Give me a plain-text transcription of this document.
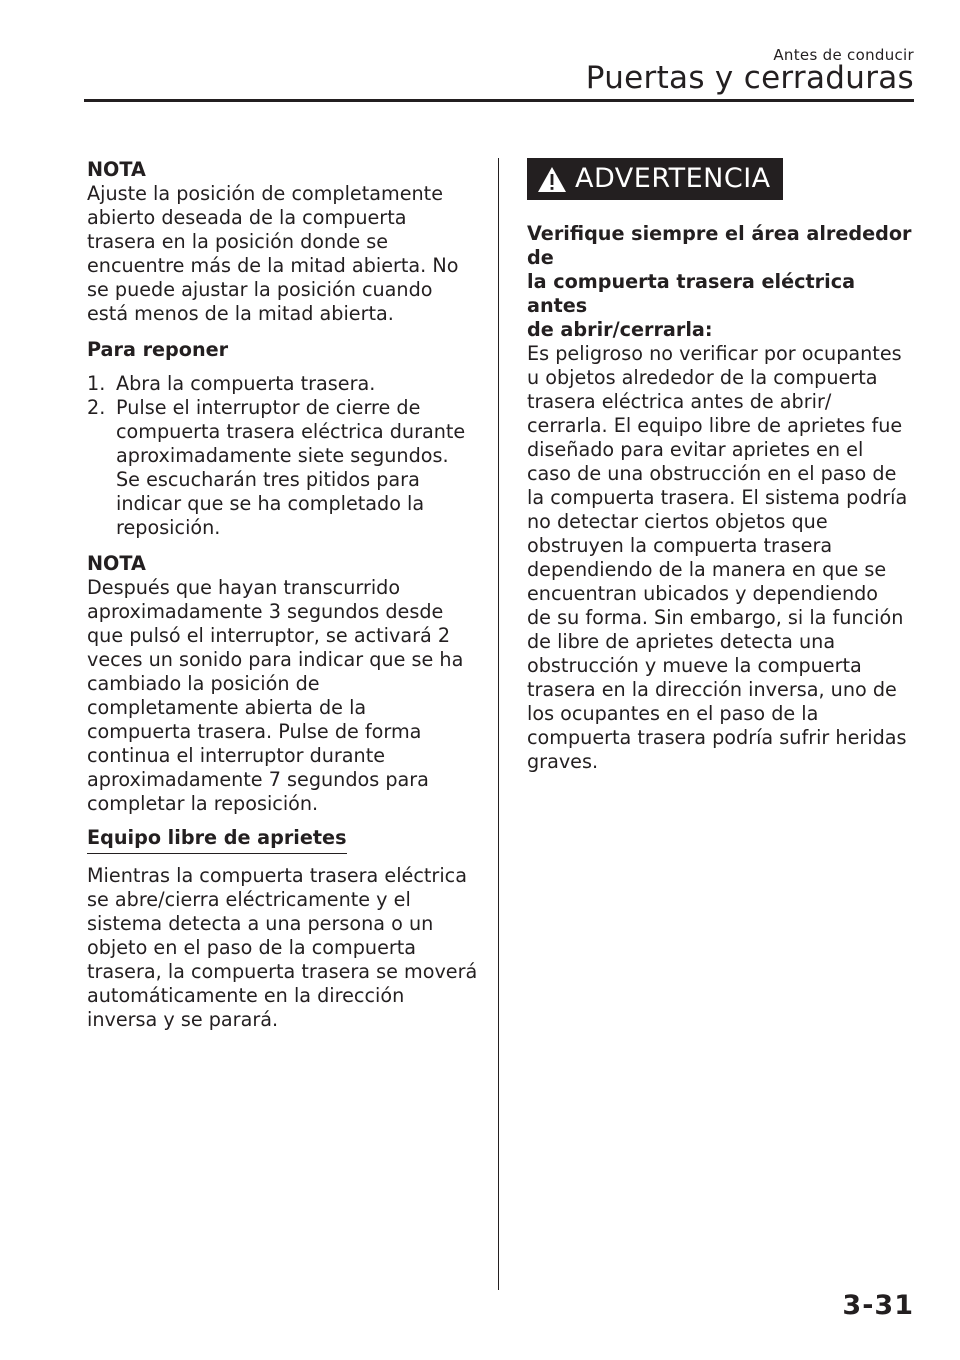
Antes de conducir
Puertas y cerraduras

NOTA

Ajuste la posición de completamente
abierto deseada de la compuerta
trasera en la posición donde se
encuentre más de la mitad abierta. No
se puede ajustar la posición cuando
está menos de la mitad abierta.

Para reponer

1. Abra la compuerta trasera.
2. Pulse el interruptor de cierre de
compuerta trasera eléctrica durante
aproximadamente siete segundos.
Se escucharán tres pitidos para
indicar que se ha completado la
reposición.

NOTA

Después que hayan transcurrido
aproximadamente 3 segundos desde
que pulsó el interruptor, se activará 2
veces un sonido para indicar que se ha
cambiado la posición de
completamente abierta de la
compuerta trasera. Pulse de forma
continua el interruptor durante
aproximadamente 7 segundos para
completar la reposición.
Equipo libre de aprietes
Mientras la compuerta trasera eléctrica
se abre/cierra eléctricamente y el
sistema detecta a una persona o un
objeto en el paso de la compuerta
trasera, la compuerta trasera se moverá
automáticamente en la dirección
inversa y se parará.
ADVERTENCIA
Verifique siempre el área alrededor de
la compuerta trasera eléctrica antes
de abrir/cerrarla:
Es peligroso no verificar por ocupantes
u objetos alrededor de la compuerta
trasera eléctrica antes de abrir/
cerrarla. El equipo libre de aprietes fue
diseñado para evitar aprietes en el
caso de una obstrucción en el paso de
la compuerta trasera. El sistema podría
no detectar ciertos objetos que
obstruyen la compuerta trasera
dependiendo de la manera en que se
encuentran ubicados y dependiendo
de su forma. Sin embargo, si la función
de libre de aprietes detecta una
obstrucción y mueve la compuerta
trasera en la dirección inversa, uno de
los ocupantes en el paso de la
compuerta trasera podría sufrir heridas
graves.
3-31
